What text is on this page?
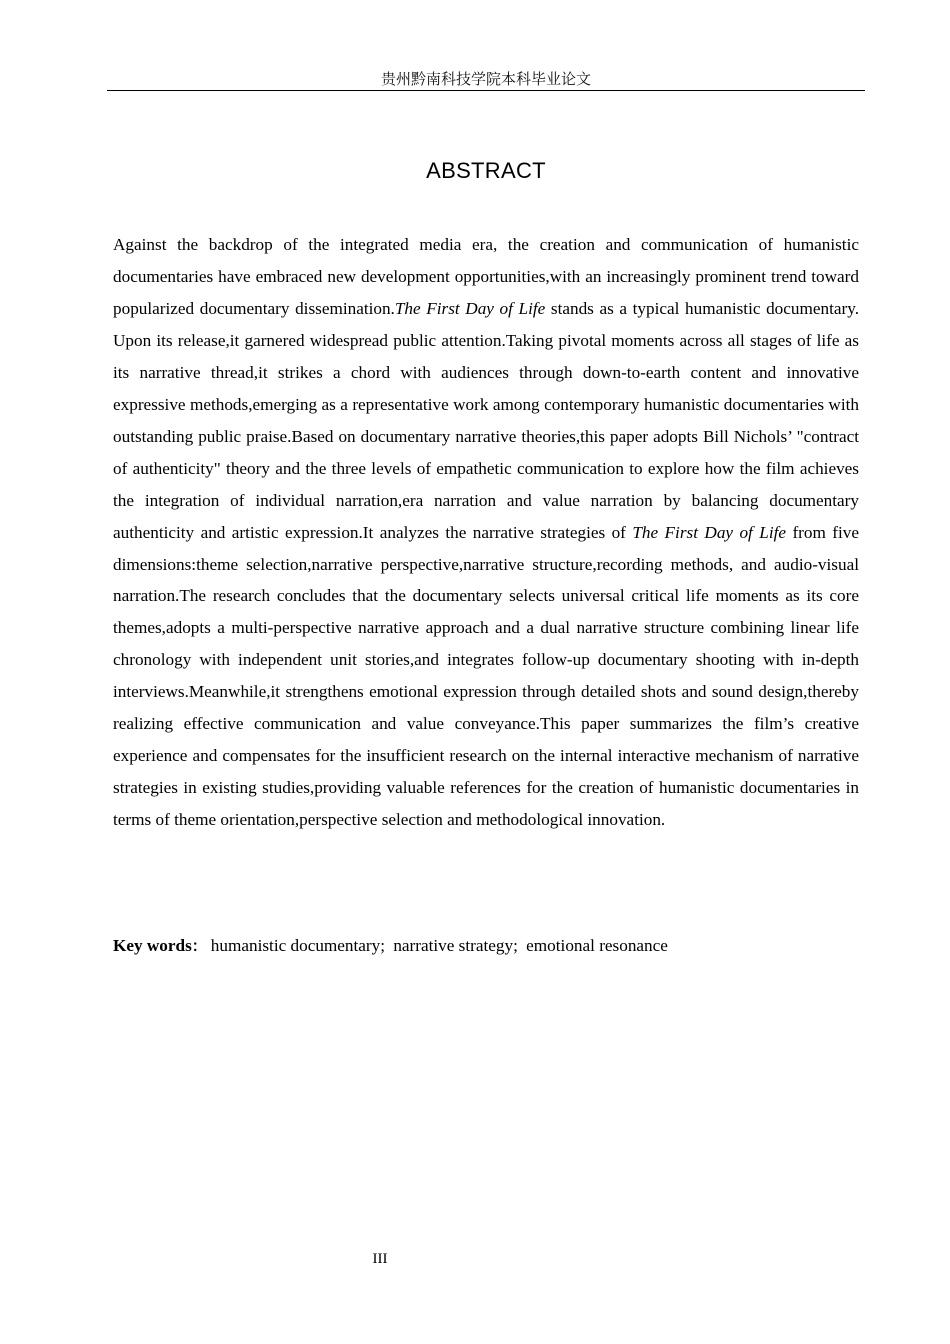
贵州黔南科技学院本科毕业论文
ABSTRACT

Against the backdrop of the integrated media era, the creation and communication of humanistic documentaries have embraced new development opportunities,with an increasingly prominent trend toward popularized documentary dissemination.The First Day of Life stands as a typical humanistic documentary. Upon its release,it garnered widespread public attention.Taking pivotal moments across all stages of life as its narrative thread,it strikes a chord with audiences through down-to-earth content and innovative expressive methods,emerging as a representative work among contemporary humanistic documentaries with outstanding public praise.Based on documentary narrative theories,this paper adopts Bill Nichols’ "contract of authenticity" theory and the three levels of empathetic communication to explore how the film achieves the integration of individual narration,era narration and value narration by balancing documentary authenticity and artistic expression.It analyzes the narrative strategies of The First Day of Life from five dimensions:theme selection,narrative perspective,narrative structure,recording methods, and audio-visual narration.The research concludes that the documentary selects universal critical life moments as its core themes,adopts a multi-perspective narrative approach and a dual narrative structure combining linear life chronology with independent unit stories,and integrates follow-up documentary shooting with in-depth interviews.Meanwhile,it strengthens emotional expression through detailed shots and sound design,thereby realizing effective communication and value conveyance.This paper summarizes the film’s creative experience and compensates for the insufficient research on the internal interactive mechanism of narrative strategies in existing studies,providing valuable references for the creation of humanistic documentaries in terms of theme orientation,perspective selection and methodological innovation.

Key words： humanistic documentary; narrative strategy; emotional resonance
III
